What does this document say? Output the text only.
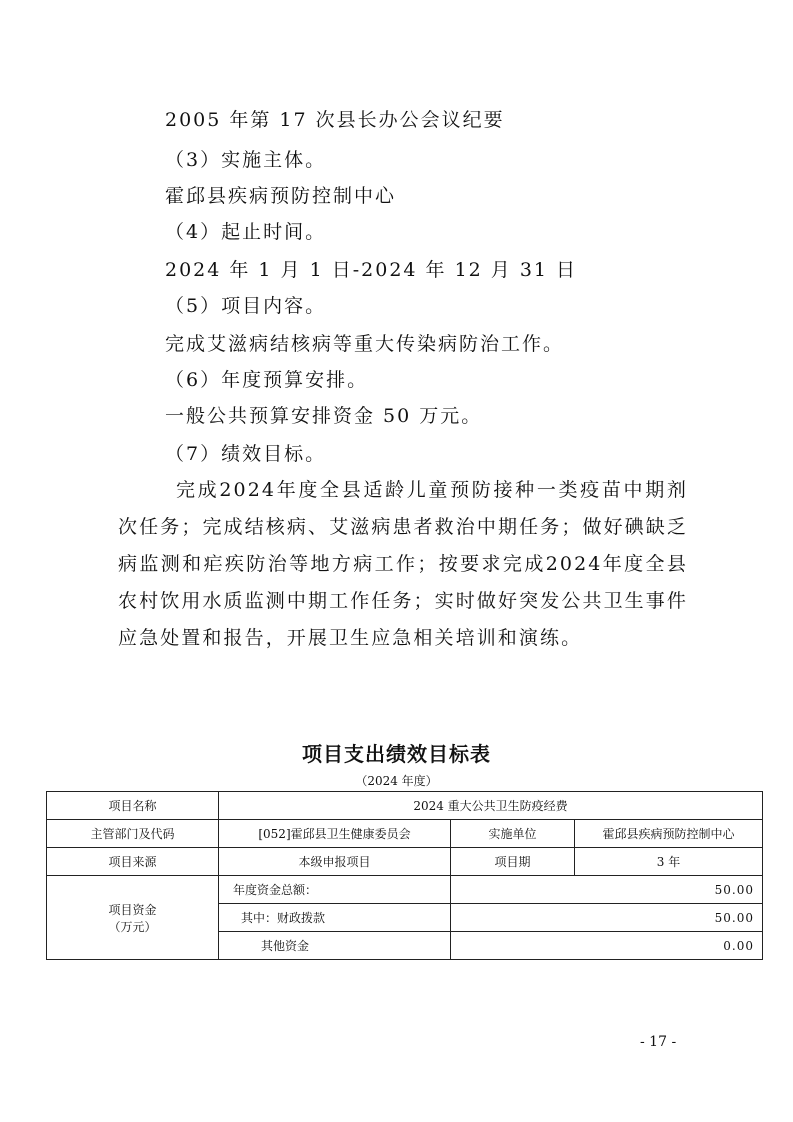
2005 年第 17 次县长办公会议纪要
（3）实施主体。
霍邱县疾病预防控制中心
（4）起止时间。
2024 年 1 月 1 日-2024 年 12 月 31 日
（5）项目内容。
完成艾滋病结核病等重大传染病防治工作。
（6）年度预算安排。
一般公共预算安排资金 50 万元。
（7）绩效目标。
完成2024年度全县适龄儿童预防接种一类疫苗中期剂次任务；完成结核病、艾滋病患者救治中期任务；做好碘缺乏病监测和疟疾防治等地方病工作；按要求完成2024年度全县农村饮用水质监测中期工作任务；实时做好突发公共卫生事件应急处置和报告，开展卫生应急相关培训和演练。
项目支出绩效目标表
（2024 年度）
项目名称	2024 重大公共卫生防疫经费		
主管部门及代码	[052]霍邱县卫生健康委员会	实施单位	霍邱县疾病预防控制中心
项目来源	本级申报项目	项目期	3 年

项目资金
（万元）	年度资金总额：	50.00	
	其中：财政拨款	50.00	
	其他资金	0.00	
- 17 -
